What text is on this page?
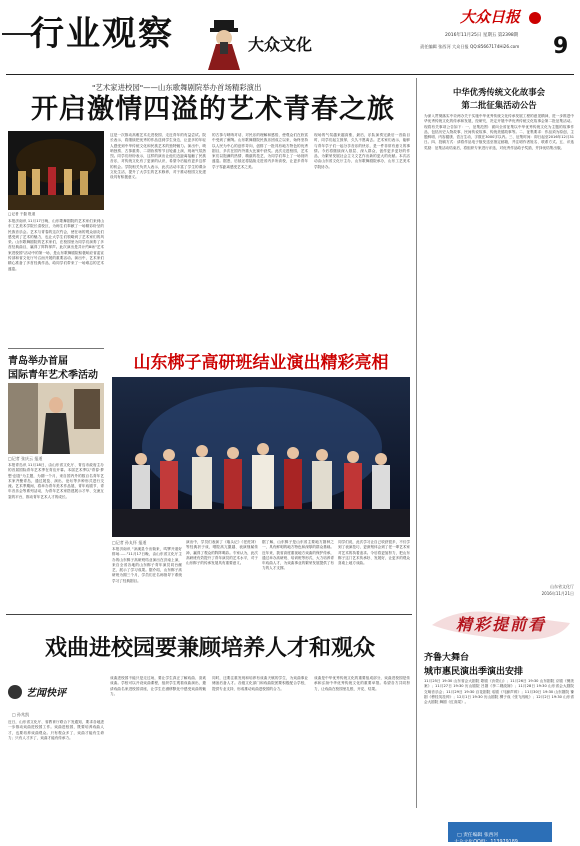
行业观察	大众文化
大众日报
2016年11月25日 星期五 第2398期
责任编辑 张西河 大众日报 QQ:85667174Hi26.com 9
"艺术家进校园"——山东歌舞剧院举办首场精彩演出
开启激情四溢的艺术青春之旅
□记者 于磊 报道
本报济南讯 11月17日晚，山东歌舞剧院的艺术家们来到山东工艺美术学院长清校区，为师生们奉献了一场精彩纷呈的民族音乐会。艺术与青春的这次约会，使在场的观众朋友们感受到了艺术的魅力，也让大学生们领略到了艺术家们的风采。山东歌舞剧院的艺术家们，在校园里为同学们演奏了多首经典曲目，赢得了阵阵掌声。此次演出是共计约8场"艺术家进校园"活动中的第一场，是山东歌舞剧院积极响应省委宣传部和省文化厅号召而开展的重要活动。演出中，艺术家们精心准备了多首经典作品，给同学们带来了一场难忘的艺术盛宴。
这是一次推动高雅艺术走进校园、走近青年的有益尝试。院长表示，将继续把优秀的作品送到学生身边，让更多的年轻人感受到中华传统文化和民族艺术的独特魅力。演出中，唢呐独奏、古筝重奏、二胡协奏等节目轮番上演，现场气氛热烈。同学们纷纷表示，这样的演出让他们近距离接触了民族音乐，对传统文化有了更深的认识，希望今后能有更多这样的机会。学院相关负责人表示，此次活动丰富了学生的课余文化生活，提升了大学生的艺术修养，对于推动校园文化建设具有积极意义。
的古筝与唢呐对话、对民乐的理解和感悟，使观众们在欣赏中受到了熏陶。山东歌舞剧院民族乐团成立以来，始终坚持以人民为中心的创作导向，创排了一批具有地方特色的优秀剧目，多次在国内外重大比赛中获奖。此次走进校园，艺术家们以饱满的热情、精湛的技艺，为同学们奉上了一场视听盛宴。据悉，后续还将陆续走进省内多所高校，让更多青年学子零距离感受艺术之美。
现场的气氛越来越高涨，最后，乐队演奏完最后一首曲目时，同学们起立鼓掌，久久不愿离去。艺术家们表示，能够与青年学子们一起分享音乐的快乐，是一件非常有意义的事情。今后将继续深入基层、深入群众，创作更多更好的作品，为繁荣发展社会主义文艺作出新的更大的贡献。本次活动由山东省文化厅主办，山东歌舞剧院承办，山东工艺美术学院协办。
青岛举办首届
国际青年艺术季活动
□记者 张庆云 报道
本报青岛讯 11月18日，由山东省文化厅、青岛市政府主办的首届国际青年艺术季在青岛开幕。本届艺术季以"青春·梦想·创造"为主题，为期一个月，来自国内外的数百名青年艺术家齐聚青岛，通过展览、演出、论坛等多种形式进行交流。艺术季期间，将举办青年美术作品展、青年戏剧节、青年音乐会等系列活动，为青年艺术家搭建展示才华、交流互鉴的平台，推动青年艺术人才的成长。
山东梆子高研班结业演出精彩亮相
□记者 孙丸怀 报道
本报济南讯 "凉溪县令出衙来，鸣锣开道好排场……"11月17日晚，由山东省文化厅主办的山东梆子高研班结业演出在济南上演，来自全省各地的山东梆子青年演员同台献艺，展示了学习成果。据介绍，山东梆子高研班为期三个月，学员们在名师指导下系统学习了经典剧目。
演出中，学员们表演了《墙头记》《老虎刘》等经典折子戏，唱腔高亢激越、表演细腻传神，赢得了观众的阵阵喝彩。专家认为，此次高研班有效提升了青年演员的艺术水平，对于山东梆子的传承发展具有重要意义。
据了解，山东梆子是山东省主要地方剧种之一，具有鲜明的地方特色和深厚的群众基础。近年来，我省高度重视地方戏曲的保护传承，通过举办高研班、培训班等形式，大力培养青年戏曲人才，为戏曲事业的繁荣发展提供了有力的人才支撑。
同学们说，此次学习让自己收获很多，不仅学到了表演技巧，更深刻体会到了老一辈艺术家对艺术的执着追求。今后将更加努力，把山东梆子这门艺术传承好、发展好，让更多的观众喜欢上地方戏曲。
中华优秀传统文化故事会
第二批征集活动公告
为深入贯彻落实中央两办关于实施中华优秀传统文化传承发展工程的意见精神，进一步推进中华优秀传统文化的传承和发展，经研究，决定开展中华优秀传统文化故事会第二批征集活动。现将有关事项公告如下：一、征集范围：面向全省征集以中华优秀传统文化为主题的故事作品，包括历史人物故事、民间传说故事、传统美德故事等。二、征集要求：作品须为原创，主题鲜明、内容健康、语言生动，字数在3000字以内。三、征集时间：即日起至2016年12月31日。四、投稿方式：请将作品电子版发送至指定邮箱，并注明作者姓名、联系方式。五、评选奖励：征集活动结束后，将组织专家进行评选，对优秀作品给予奖励，并择优结集出版。
山东省文化厅
2016年11月21日
精彩提前看
齐鲁大舞台
城市惠民演出季演出安排
11月25日 19:30 山东省会大剧院 歌剧《沂蒙山》；11月26日 19:30 山东剧院 京剧《铡美案》；11月27日 19:30 历山剧院 吕剧《李二嫂改嫁》；11月28日 19:30 山东省会大剧院 交响音乐会；11月29日 19:30 百花剧院 话剧《马蹄声碎》；11月30日 19:30 山东剧院 豫剧《穆桂英挂帅》；12月1日 19:30 历山剧院 柳子戏《张飞闯帐》；12月2日 19:30 山东省会大剧院 舞剧《红高粱》。

□ 责任编辑 张西河
大众文化QQ群：113979189

戏曲进校园要兼顾培养人才和观众
艺闻快评
□ 孙兆凯
近日，山东省文化厅、省教育厅联合下发通知，要求各地进一步推动戏曲进校园工作。戏曲进校园，既要培养戏曲人才，也要培养戏曲观众。只有观众多了，戏曲才能有生命力；只有人才多了，戏曲才能有传承力。
戏曲进校园不能只是走过场，要让学生真正了解戏曲、喜欢戏曲。学校可以开设戏曲课程，组织学生观看戏曲演出，邀请戏曲名家进校园讲座，让学生在潜移默化中感受戏曲的魅力。
同时，还要注重发现和培养有戏曲天赋的学生，为戏曲事业储备后备人才。各级文化部门和戏曲院团要积极配合学校，提供专业支持，形成推动戏曲进校园的合力。
戏曲是中华优秀传统文化的重要组成部分，戏曲进校园是传承和弘扬中华优秀传统文化的重要举措。希望各方共同努力，让戏曲在校园里扎根、开花、结果。
